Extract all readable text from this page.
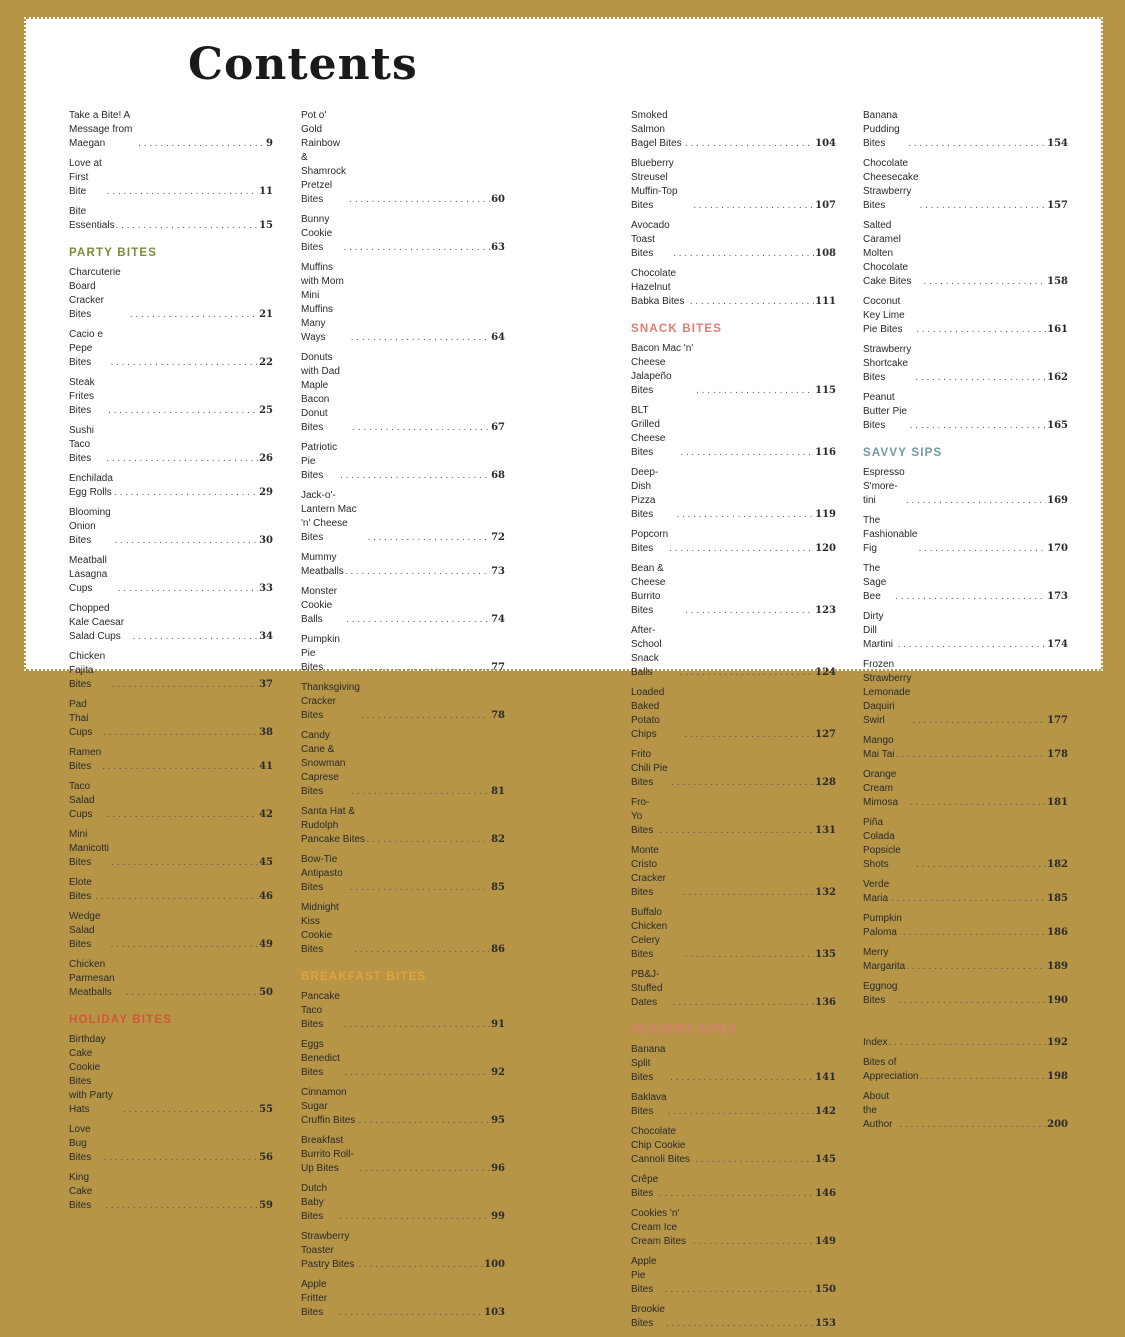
Contents
Take a Bite! A Message from Maegan . . .	9
Love at First Bite . . .	11
Bite Essentials . . .	15
PARTY BITES
Charcuterie Board Cracker Bites . . .	21
Cacio e Pepe Bites . . .	22
Steak Frites Bites . . .	25
Sushi Taco Bites . . .	26
Enchilada Egg Rolls . . .	29
Blooming Onion Bites . . .	30
Meatball Lasagna Cups . . .	33
Chopped Kale Caesar Salad Cups . . .	34
Chicken Fajita Bites . . .	37
Pad Thai Cups . . .	38
Ramen Bites . . .	41
Taco Salad Cups . . .	42
Mini Manicotti Bites . . .	45
Elote Bites . . .	46
Wedge Salad Bites . . .	49
Chicken Parmesan Meatballs . . .	50
HOLIDAY BITES
Birthday Cake Cookie Bites
with Party Hats . . .	55
Love Bug Bites . . .	56
King Cake Bites . . .	59
Pot o' Gold Rainbow &
Shamrock Pretzel Bites . . .	60
Bunny Cookie Bites . . .	63
Muffins with Mom
Mini Muffins Many Ways . . .	64
Donuts with Dad
Maple Bacon Donut Bites . . .	67
Patriotic Pie Bites . . .	68
Jack-o'-Lantern Mac 'n' Cheese Bites . . .	72
Mummy Meatballs . . .	73
Monster Cookie Balls . . .	74
Pumpkin Pie Bites . . .	77
Thanksgiving Cracker Bites . . .	78
Candy Cane &
Snowman Caprese Bites . . .	81
Santa Hat & Rudolph Pancake Bites . . .	82
Bow-Tie Antipasto Bites . . .	85
Midnight Kiss Cookie Bites . . .	86
BREAKFAST BITES
Pancake Taco Bites . . .	91
Eggs Benedict Bites . . .	92
Cinnamon Sugar Cruffin Bites . . .	95
Breakfast Burrito Roll-Up Bites . . .	96
Dutch Baby Bites . . .	99
Strawberry Toaster Pastry Bites . . .	100
Apple Fritter Bites . . .	103
Smoked Salmon Bagel Bites . . .	104
Blueberry Streusel Muffin-Top Bites . . .	107
Avocado Toast Bites . . .	108
Chocolate Hazelnut Babka Bites . . .	111
SNACK BITES
Bacon Mac 'n' Cheese Jalapeño Bites . . .	115
BLT Grilled Cheese Bites . . .	116
Deep-Dish Pizza Bites . . .	119
Popcorn Bites . . .	120
Bean & Cheese Burrito Bites . . .	123
After-School Snack Balls . . .	124
Loaded Baked Potato Chips . . .	127
Frito Chili Pie Bites . . .	128
Fro-Yo Bites . . .	131
Monte Cristo Cracker Bites . . .	132
Buffalo Chicken Celery Bites . . .	135
PB&J-Stuffed Dates . . .	136
DESSERT BITES
Banana Split Bites . . .	141
Baklava Bites . . .	142
Chocolate Chip Cookie Cannoli Bites . . .	145
Crêpe Bites . . .	146
Cookies 'n' Cream Ice Cream Bites . . .	149
Apple Pie Bites . . .	150
Brookie Bites . . .	153
Banana Pudding Bites . . .	154
Chocolate Cheesecake
Strawberry Bites . . .	157
Salted Caramel Molten Chocolate
Cake Bites . . .	158
Coconut Key Lime Pie Bites . . .	161
Strawberry Shortcake Bites . . .	162
Peanut Butter Pie Bites . . .	165
SAVVY SIPS
Espresso S'more-tini . . .	169
The Fashionable Fig . . .	170
The Sage Bee . . .	173
Dirty Dill Martini . . .	174
Frozen Strawberry
Lemonade Daquiri Swirl . . .	177
Mango Mai Tai . . .	178
Orange Cream Mimosa . . .	181
Piña Colada Popsicle Shots . . .	182
Verde Maria . . .	185
Pumpkin Paloma . . .	186
Merry Margarita . . .	189
Eggnog Bites . . .	190
Index . . .	192
Bites of Appreciation . . .	198
About the Author . . .	200
